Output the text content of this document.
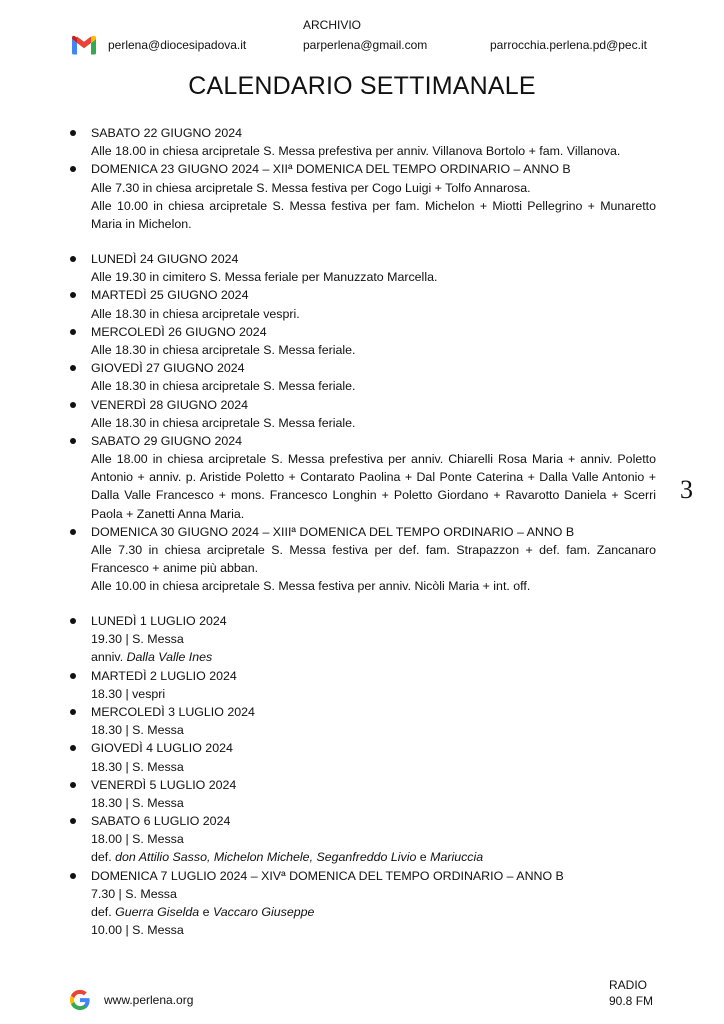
ARCHIVIO
perlena@diocesipadova.it	parperlena@gmail.com	parrocchia.perlena.pd@pec.it
CALENDARIO SETTIMANALE
3
SABATO 22 GIUGNO 2024
Alle 18.00 in chiesa arcipretale S. Messa prefestiva per anniv. Villanova Bortolo + fam. Villanova.
DOMENICA 23 GIUGNO 2024 – XIIª DOMENICA DEL TEMPO ORDINARIO – ANNO B
Alle 7.30 in chiesa arcipretale S. Messa festiva per Cogo Luigi + Tolfo Annarosa.
Alle 10.00 in chiesa arcipretale S. Messa festiva per fam. Michelon + Miotti Pellegrino + Munaretto Maria in Michelon.
LUNEDÌ 24 GIUGNO 2024
Alle 19.30 in cimitero S. Messa feriale per Manuzzato Marcella.
MARTEDÌ 25 GIUGNO 2024
Alle 18.30 in chiesa arcipretale vespri.
MERCOLEDÌ 26 GIUGNO 2024
Alle 18.30 in chiesa arcipretale S. Messa feriale.
GIOVEDÌ 27 GIUGNO 2024
Alle 18.30 in chiesa arcipretale S. Messa feriale.
VENERDÌ 28 GIUGNO 2024
Alle 18.30 in chiesa arcipretale S. Messa feriale.
SABATO 29 GIUGNO 2024
Alle 18.00 in chiesa arcipretale S. Messa prefestiva per anniv. Chiarelli Rosa Maria + anniv. Poletto Antonio + anniv. p. Aristide Poletto + Contarato Paolina + Dal Ponte Caterina + Dalla Valle Antonio + Dalla Valle Francesco + mons. Francesco Longhin + Poletto Giordano + Ravarotto Daniela + Scerri Paola + Zanetti Anna Maria.
DOMENICA 30 GIUGNO 2024 – XIIIª DOMENICA DEL TEMPO ORDINARIO – ANNO B
Alle 7.30 in chiesa arcipretale S. Messa festiva per def. fam. Strapazzon + def. fam. Zancanaro Francesco + anime più abban.
Alle 10.00 in chiesa arcipretale S. Messa festiva per anniv. Nicòli Maria + int. off.
LUNEDÌ 1 LUGLIO 2024
19.30 | S. Messa
anniv. Dalla Valle Ines
MARTEDÌ 2 LUGLIO 2024
18.30 | vespri
MERCOLEDÌ 3 LUGLIO 2024
18.30 | S. Messa
GIOVEDÌ 4 LUGLIO 2024
18.30 | S. Messa
VENERDÌ 5 LUGLIO 2024
18.30 | S. Messa
SABATO 6 LUGLIO 2024
18.00 | S. Messa
def. don Attilio Sasso, Michelon Michele, Seganfreddo Livio e Mariuccia
DOMENICA 7 LUGLIO 2024 – XIVª DOMENICA DEL TEMPO ORDINARIO – ANNO B
7.30 | S. Messa
def. Guerra Giselda e Vaccaro Giuseppe
10.00 | S. Messa
www.perlena.org
RADIO
90.8 FM
